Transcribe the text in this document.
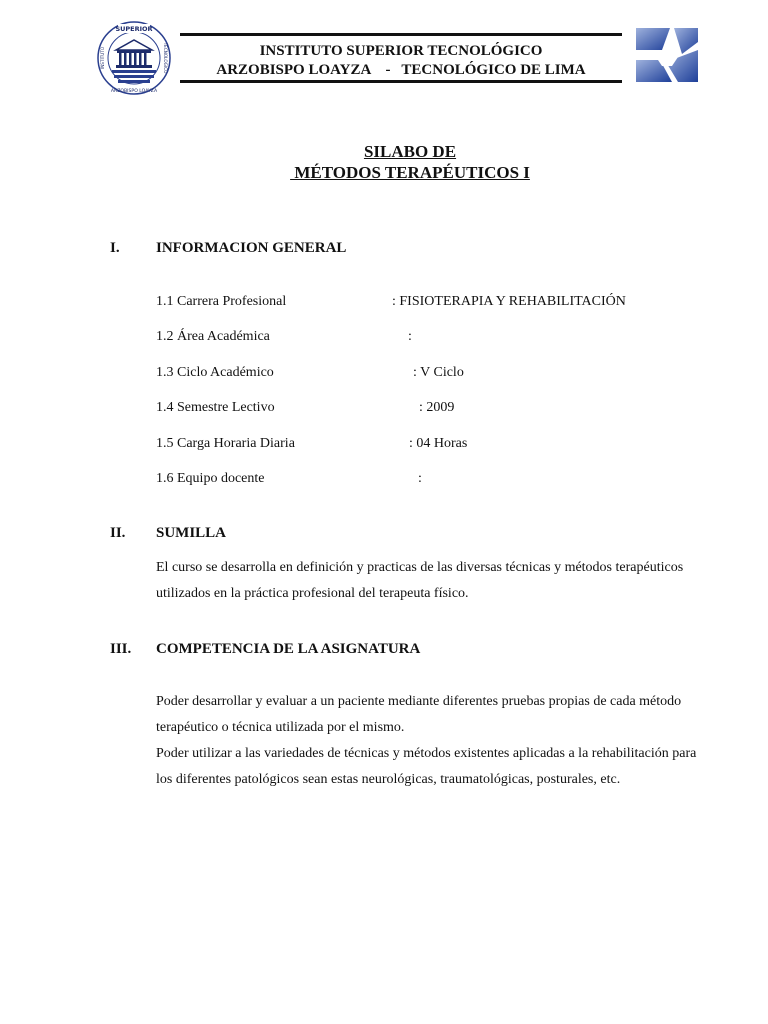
SUPERIOR
INSTITUTO	TECNOLOGICO
ARZOBISPO LOAYZA
INSTITUTO SUPERIOR TECNOLÓGICO
ARZOBISPO LOAYZA    -   TECNOLÓGICO DE LIMA
SILABO DE
MÉTODOS TERAPÉUTICOS I
I. INFORMACION GENERAL
1.1 Carrera Profesional	: FISIOTERAPIA Y REHABILITACIÓN
1.2 Área Académica	:
1.3 Ciclo Académico	: V Ciclo
1.4 Semestre Lectivo	: 2009
1.5 Carga Horaria Diaria	: 04 Horas
1.6 Equipo docente	:
II. SUMILLA
El curso se desarrolla en definición y practicas de las diversas técnicas y métodos terapéuticos utilizados en la práctica profesional del terapeuta físico.
III. COMPETENCIA DE LA ASIGNATURA
Poder desarrollar y evaluar a un paciente mediante diferentes pruebas propias de cada método terapéutico o técnica utilizada por el mismo.
Poder utilizar a las variedades de técnicas y métodos existentes aplicadas a la rehabilitación para los diferentes patológicos sean estas neurológicas, traumatológicas, posturales, etc.
